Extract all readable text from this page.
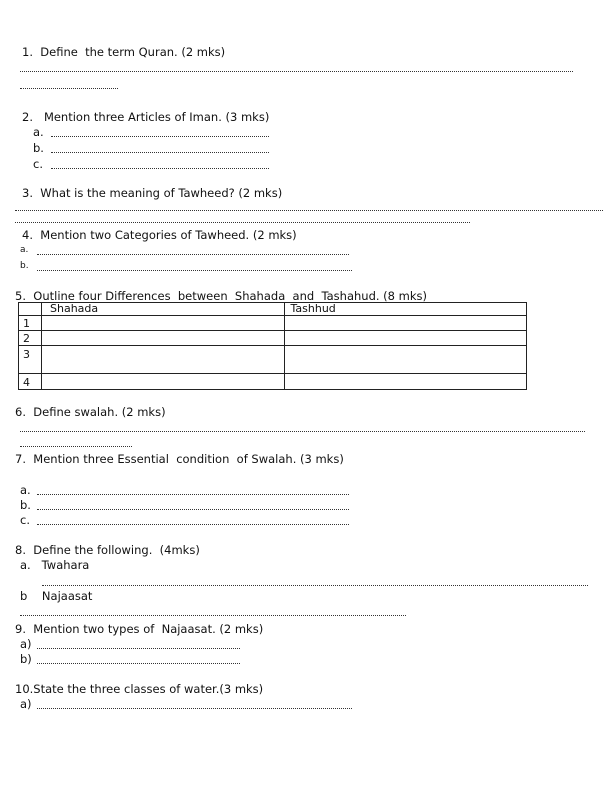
1.  Define  the term Quran. (2 mks)
2.   Mention three Articles of Iman. (3 mks)
a.
b.
c.
3.  What is the meaning of Tawheed? (2 mks)
4.  Mention two Categories of Tawheed. (2 mks)
a.
b.
5.  Outline four Differences  between  Shahada  and  Tashahud. (8 mks)
	Shahada	Tashhud
1		
2		
3		
4		
6.  Define swalah. (2 mks)
7.  Mention three Essential  condition  of Swalah. (3 mks)
a.
b.
c.
8.  Define the following.  (4mks)
a.   Twahara
b    Najaasat
9.  Mention two types of  Najaasat. (2 mks)
a)
b)
10.State the three classes of water.(3 mks)
a)
